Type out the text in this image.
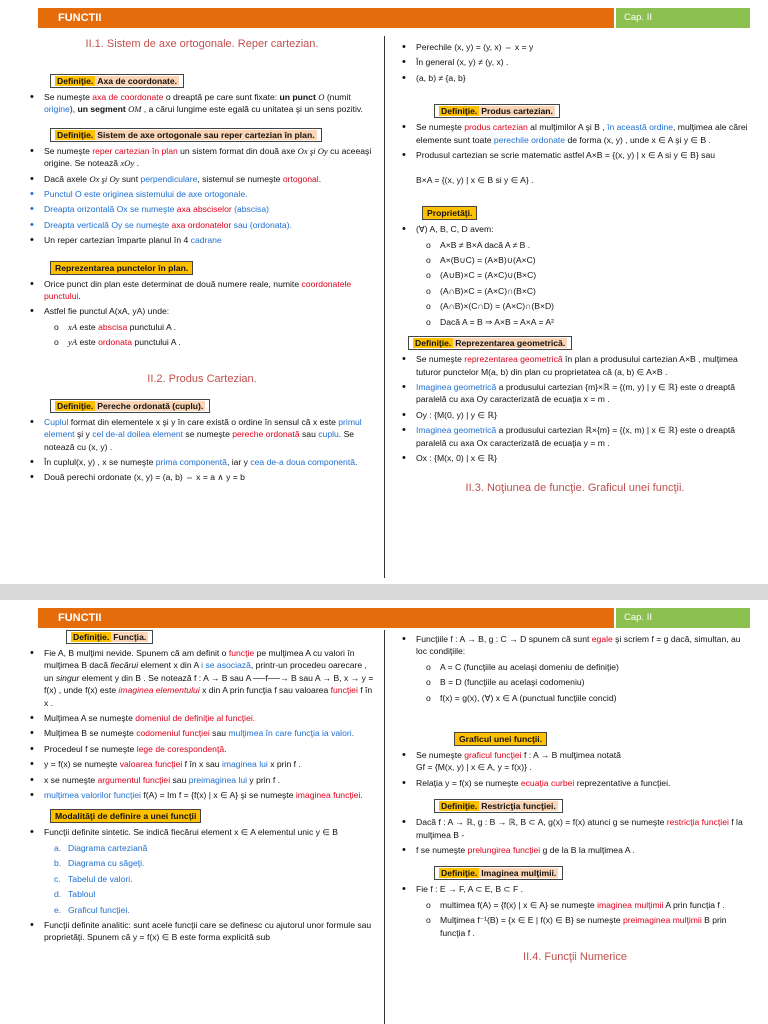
FUNCTII	Cap. II

II.1. Sistem de axe ortogonale. Reper cartezian.

Definiţie. Axa de coordonate.
• Se numeşte axa de coordonate o dreaptă pe care sunt fixate: un punct O (numit origine), un segment OM , a cărui lungime este egală cu unitatea şi un sens pozitiv.
Definiţie. Sistem de axe ortogonale sau reper cartezian în plan.
• Se numeşte reper cartezian în plan un sistem format din două axe Ox şi Oy cu aceeaşi origine. Se notează xOy .
• Dacă axele Ox şi Oy sunt perpendiculare, sistemul se numeşte ortogonal.
• Punctul O este originea sistemului de axe ortogonale.
• Dreapta orizontală Ox se numeşte axa absciselor (abscisa)
• Dreapta verticală Oy se numeşte axa ordonatelor sau (ordonata).
• Un reper cartezian împarte planul în 4 cadrane
Reprezentarea punctelor în plan.
• Orice punct din plan este determinat de două numere reale, numite coordonatele punctului.
• Astfel fie punctul A(xA, yA) unde:
o xA este abscisa punctului A .
o yA este ordonata punctului A .

II.2. Produs Cartezian.

Definiţie. Pereche ordonată (cuplu).
• Cuplul format din elementele x şi y în care există o ordine în sensul că x este primul element şi y cel de-al doilea element se numeşte pereche ordonată sau cuplu. Se notează cu (x, y) .
• În cuplul(x, y) , x se numeşte prima componentă, iar y cea de-a doua componentă.
• Două perechi ordonate (x, y) = (a, b) ⇔ x = a ∧ y = b
• Perechile (x, y) = (y, x) ⇔ x = y
• În general (x, y) ≠ (y, x) .
• (a, b) ≠ {a, b}
Definiţie. Produs cartezian.
• Se numeşte produs cartezian al mulţimilor A şi B , în această ordine, mulţimea ale cărei elemente sunt toate perechile ordonate de forma (x, y) , unde x ∈ A şi y ∈ B .
• Produsul cartezian se scrie matematic astfel A×B = {(x, y) | x ∈ A si y ∈ B} sau

B×A = {(x, y) | x ∈ B si y ∈ A} .
Proprietăţi.
• (∀) A, B, C, D avem:
o A×B ≠ B×A dacă A ≠ B .
o A×(B∪C) = (A×B)∪(A×C)
o (A∪B)×C = (A×C)∪(B×C)
o (A∩B)×C = (A×C)∩(B×C)
o (A∩B)×(C∩D) = (A×C)∩(B×D)
o Dacă A = B ⇒ A×B = A×A = A²
Definiţie. Reprezentarea geometrică.
• Se numeşte reprezentarea geometrică în plan a produsului cartezian A×B , mulţimea tuturor punctelor M(a, b) din plan cu proprietatea că (a, b) ∈ A×B .
• Imaginea geometrică a produsului cartezian {m}×ℝ = {(m, y) | y ∈ ℝ} este o dreaptă paralelă cu axa Oy caracterizată de ecuaţia x = m .
• Oy : {M(0, y) | y ∈ ℝ}
• Imaginea geometrică a produsului cartezian ℝ×{m} = {(x, m) | x ∈ ℝ} este o dreaptă paralelă cu axa Ox caracterizată de ecuaţia y = m .
• Ox : {M(x, 0) | x ∈ ℝ}

II.3. Noţiunea de funcţie. Graficul unei funcţii.

FUNCTII	Cap. II
Definiţie. Funcţia.
• Fie A, B mulţimi nevide. Spunem că am definit o funcţie pe mulţimea A cu valori în mulţimea B dacă fiecărui element x din A i se asociază, printr-un procedeu oarecare , un singur element y din B . Se notează f : A → B sau A ──f──→ B sau A → B, x → y = f(x) , unde f(x) este imaginea elementului x din A prin funcţia f sau valoarea funcţiei f în x .
• Mulţimea A se numeşte domeniul de definiţie al funcţiei.
• Mulţimea B se numeşte codomeniul funcţiei sau mulţimea în care funcţia ia valori.
• Procedeul f se numeşte lege de corespondenţă.
• y = f(x) se numeşte valoarea funcţiei f în x sau imaginea lui x prin f .
• x se numeşte argumentul funcţiei sau preimaginea lui y prin f .
• mulţimea valorilor funcţiei f(A) = Im f = {f(x) | x ∈ A} şi se numeşte imaginea funcţiei.
Modalităţi de definire a unei funcţii
• Funcţii definite sintetic. Se indică fiecărui element x ∈ A elementul unic y ∈ B
a. Diagrama carteziană
b. Diagrama cu săgeţi.
c. Tabelul de valori.
d. Tabloul
e. Graficul funcţiei.
• Funcţii definite analitic: sunt acele funcţii care se definesc cu ajutorul unor formule sau proprietăţi. Spunem că y = f(x) ∈ B este forma explicită sub
• Funcţiile f : A → B, g : C → D spunem că sunt egale şi scriem f = g dacă, simultan, au loc condiţiile:
o A = C (funcţiile au acelaşi domeniu de definiţie)
o B = D (funcţiile au acelaşi codomeniu)
o f(x) = g(x), (∀) x ∈ A (punctual funcţiile concid)
Graficul unei funcţii.
• Se numeşte graficul funcţiei f : A → B mulţimea notată
Gf = {M(x, y) | x ∈ A, y = f(x)} .
• Relaţia y = f(x) se numeşte ecuaţia curbei reprezentative a funcţiei.
Definiţie. Restricţia funcţiei.
• Dacă f : A → ℝ, g : B → ℝ, B ⊂ A, g(x) = f(x) atunci g se numeşte restricţia funcţiei f la mulţimea B -
• f se numeşte prelungirea funcţiei g de la B la mulţimea A .
Definiţie. Imaginea mulţimii.
• Fie f : E → F, A ⊂ E, B ⊂ F .
o multimea f(A) = {f(x) | x ∈ A} se numeşte imaginea mulţimii A prin funcţia f .
o Mulţimea f⁻¹(B) = {x ∈ E | f(x) ∈ B} se numeşte preimaginea mulţimii B prin funcţia f .

II.4. Funcţii Numerice
